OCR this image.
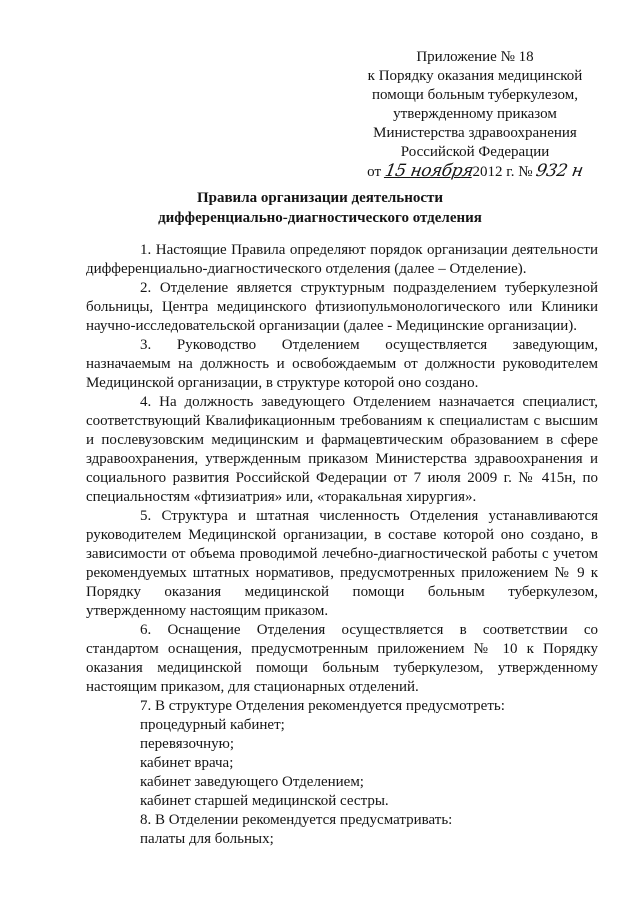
Приложение № 18
к Порядку оказания медицинской
помощи больным туберкулезом,
утвержденному приказом
Министерства здравоохранения
Российской Федерации
от 15 ноября2012 г. № 932 н
Правила организации деятельности
дифференциально-диагностического отделения

1. Настоящие Правила определяют порядок организации деятельности дифференциально-диагностического отделения (далее – Отделение).

2. Отделение является структурным подразделением туберкулезной больницы, Центра медицинского фтизиопульмонологического или Клиники научно-исследовательской организации (далее - Медицинские организации).

3. Руководство Отделением осуществляется заведующим, назначаемым на должность и освобождаемым от должности руководителем Медицинской организации, в структуре которой оно создано.

4. На должность заведующего Отделением назначается специалист, соответствующий Квалификационным требованиям к специалистам с высшим и послевузовским медицинским и фармацевтическим образованием в сфере здравоохранения, утвержденным приказом Министерства здравоохранения и социального развития Российской Федерации от 7 июля 2009 г. № 415н, по специальностям «фтизиатрия» или, «торакальная хирургия».

5. Структура и штатная численность Отделения устанавливаются руководителем Медицинской организации, в составе которой оно создано, в зависимости от объема проводимой лечебно-диагностической работы с учетом рекомендуемых штатных нормативов, предусмотренных приложением № 9 к Порядку оказания медицинской помощи больным туберкулезом, утвержденному настоящим приказом.

6. Оснащение Отделения осуществляется в соответствии со стандартом оснащения, предусмотренным приложением № 10 к Порядку оказания медицинской помощи больным туберкулезом, утвержденному настоящим приказом, для стационарных отделений.

7. В структуре Отделения рекомендуется предусмотреть:

процедурный кабинет;

перевязочную;

кабинет врача;

кабинет заведующего Отделением;

кабинет старшей медицинской сестры.

8. В Отделении рекомендуется предусматривать:

палаты для больных;
